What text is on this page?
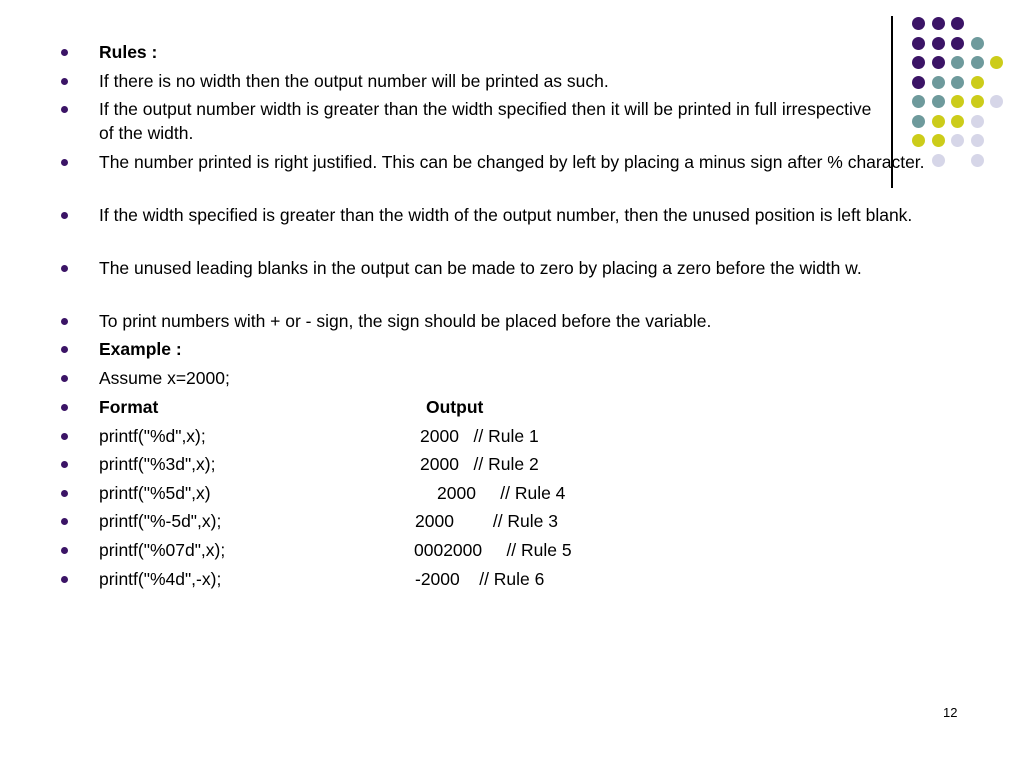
Rules :
If there is no width then the output number will be printed as such.
If the output number width is greater than the width specified then it will be printed in full irrespective of the width.
The number printed is right justified. This can be changed by left by placing a minus sign after % character.
If the width specified is greater than the width of the output number, then the unused position is left blank.
The unused leading blanks in the output can be made to zero by placing a zero before the width w.
To print numbers with + or - sign, the sign should be placed before the variable.
Example :
Assume x=2000;
Format	Output
printf("%d",x);	2000   // Rule 1
printf("%3d",x);	2000   // Rule 2
printf("%5d",x)	2000     // Rule 4
printf("%-5d",x);	2000        // Rule 3
printf("%07d",x);	0002000     // Rule 5
printf("%4d",-x);	-2000    // Rule 6
12
